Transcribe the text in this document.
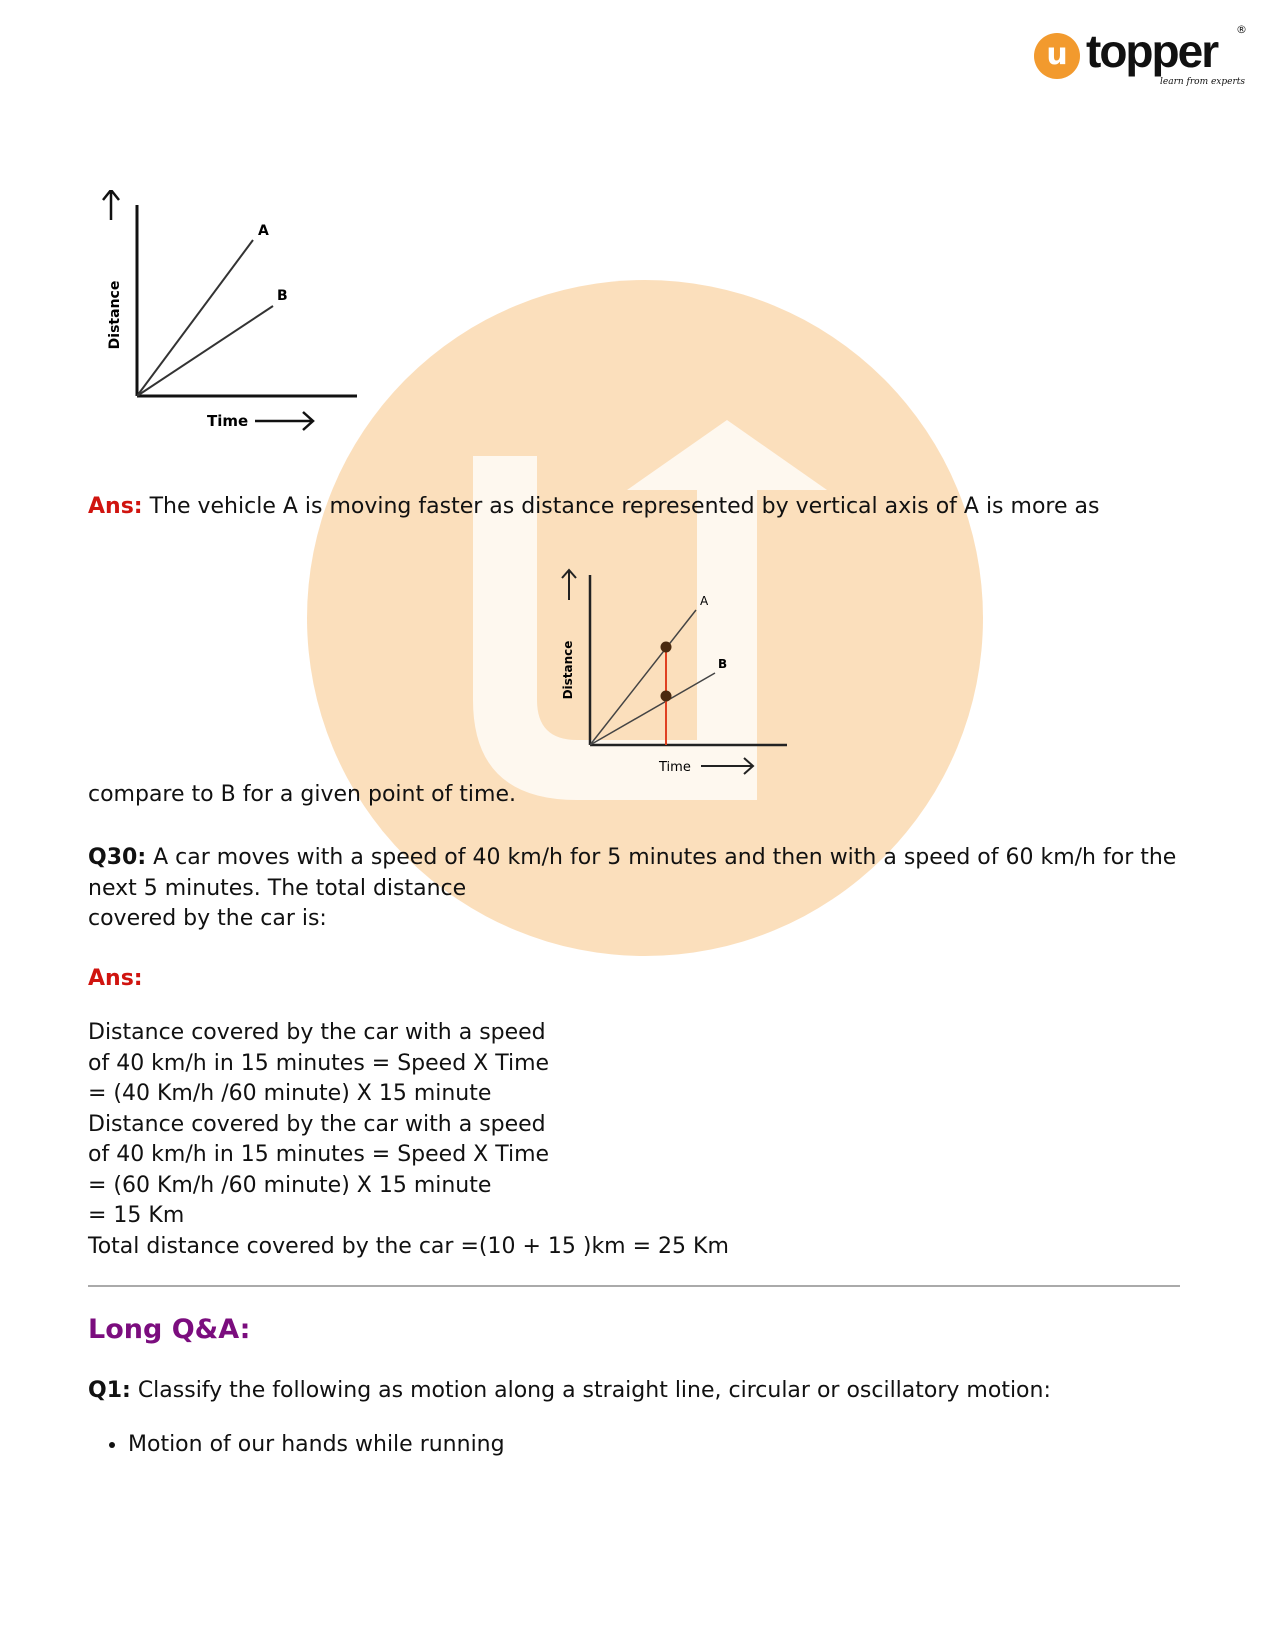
u topper ®
learn from experts
Distance
A
B
Time

Ans: The vehicle A is moving faster as distance represented by vertical axis of A is more as

Distance
A
B
Time

compare to B for a given point of time.

Q30: A car moves with a speed of 40 km/h for 5 minutes and then with a speed of 60 km/h for the next 5 minutes. The total distance
covered by the car is:

Ans:

Distance covered by the car with a speed
of 40 km/h in 15 minutes = Speed X Time
= (40 Km/h /60 minute) X 15 minute
Distance covered by the car with a speed
of 40 km/h in 15 minutes = Speed X Time
= (60 Km/h /60 minute) X 15 minute
= 15 Km
Total distance covered by the car =(10 + 15 )km = 25 Km

Long Q&A:

Q1: Classify the following as motion along a straight line, circular or oscillatory motion:

• Motion of our hands while running
